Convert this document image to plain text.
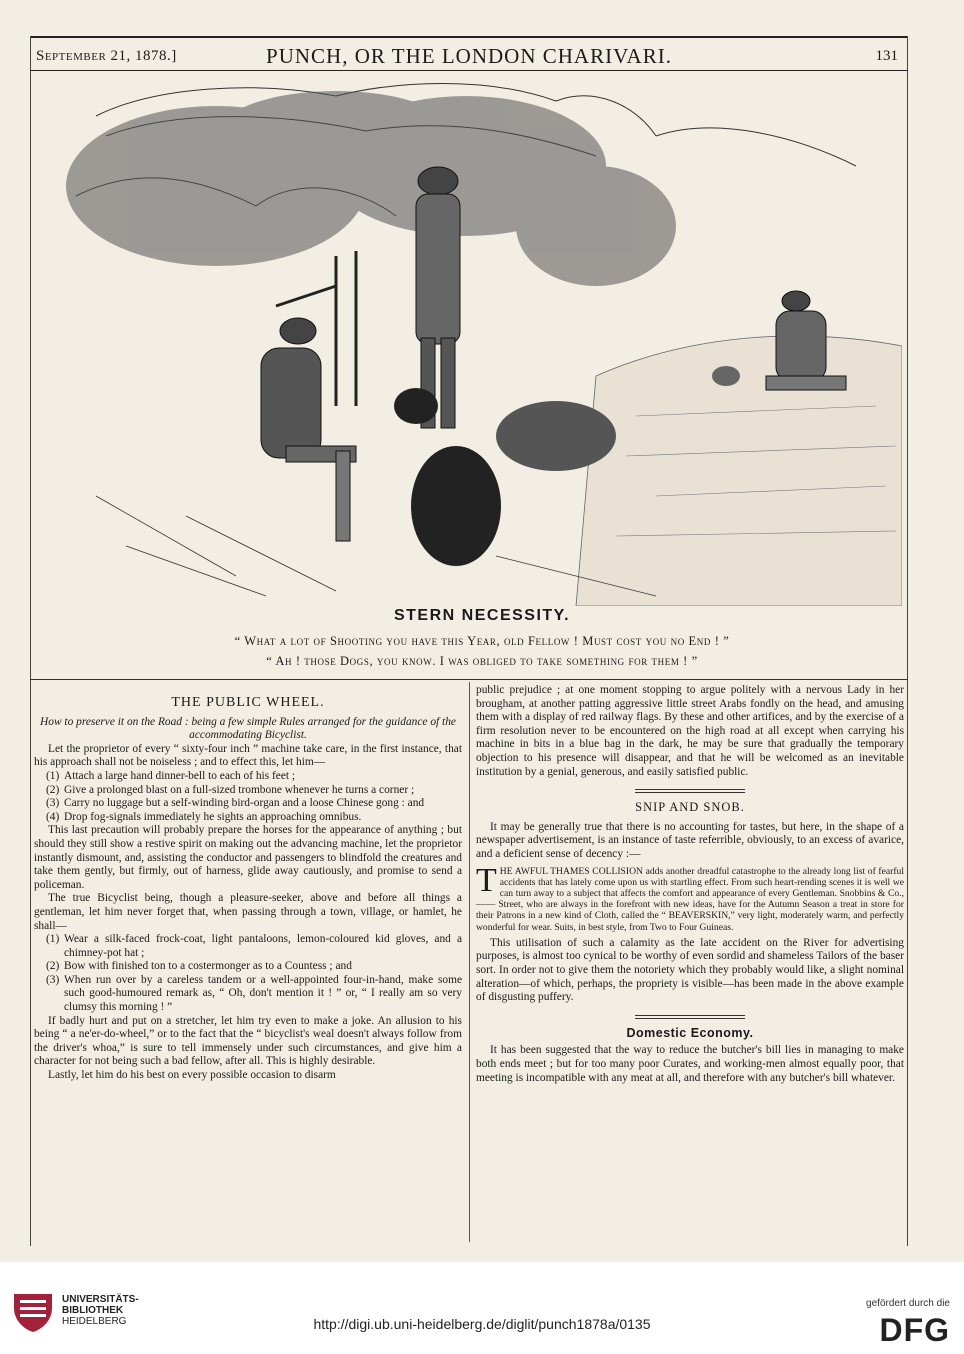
September 21, 1878.]	PUNCH, OR THE LONDON CHARIVARI.	131
STERN NECESSITY.
“ What a lot of Shooting you have this Year, old Fellow ! Must cost you no End ! ”
“ Ah ! those Dogs, you know. I was obliged to take something for them ! ”
THE PUBLIC WHEEL.

How to preserve it on the Road : being a few simple Rules arranged for the guidance of the accommodating Bicyclist.

Let the proprietor of every “ sixty-four inch ” machine take care, in the first instance, that his approach shall not be noiseless ; and to effect this, let him—

(1) Attach a large hand dinner-bell to each of his feet ;
(2) Give a prolonged blast on a full-sized trombone whenever he turns a corner ;
(3) Carry no luggage but a self-winding bird-organ and a loose Chinese gong : and
(4) Drop fog-signals immediately he sights an approaching omnibus.

This last precaution will probably prepare the horses for the appearance of anything ; but should they still show a restive spirit on making out the advancing machine, let the proprietor instantly dismount, and, assisting the conductor and passengers to blindfold the creatures and take them gently, but firmly, out of harness, glide away cautiously, and promise to send a policeman.

The true Bicyclist being, though a pleasure-seeker, above and before all things a gentleman, let him never forget that, when passing through a town, village, or hamlet, he shall—

(1) Wear a silk-faced frock-coat, light pantaloons, lemon-coloured kid gloves, and a chimney-pot hat ;
(2) Bow with finished ton to a costermonger as to a Countess ; and
(3) When run over by a careless tandem or a well-appointed four-in-hand, make some such good-humoured remark as, “ Oh, don't mention it ! ” or, “ I really am so very clumsy this morning ! ”

If badly hurt and put on a stretcher, let him try even to make a joke. An allusion to his being “ a ne'er-do-wheel,” or to the fact that the “ bicyclist's weal doesn't always follow from the driver's whoa,” is sure to tell immensely under such circumstances, and give him a character for not being such a bad fellow, after all. This is highly desirable.

Lastly, let him do his best on every possible occasion to disarm

public prejudice ; at one moment stopping to argue politely with a nervous Lady in her brougham, at another patting aggressive little street Arabs fondly on the head, and amusing them with a display of red railway flags. By these and other artifices, and by the exercise of a firm resolution never to be encountered on the high road at all except when carrying his machine in bits in a blue bag in the dark, he may be sure that gradually the temporary objection to his presence will disappear, and that he will be welcomed as an inevitable institution by a genial, generous, and easily satisfied public.

SNIP AND SNOB.

It may be generally true that there is no accounting for tastes, but here, in the shape of a newspaper advertisement, is an instance of taste referrible, obviously, to an excess of avarice, and a deficient sense of decency :—

T HE AWFUL THAMES COLLISION adds another dreadful catastrophe to the already long list of fearful accidents that has lately come upon us with startling effect. From such heart-rending scenes it is well we can turn away to a subject that affects the comfort and appearance of every Gentleman. Snobbins & Co., —— Street, who are always in the forefront with new ideas, have for the Autumn Season a treat in store for their Patrons in a new kind of Cloth, called the “ BEAVERSKIN,” very light, moderately warm, and perfectly wonderful for wear. Suits, in best style, from Two to Four Guineas.

This utilisation of such a calamity as the late accident on the River for advertising purposes, is almost too cynical to be worthy of even sordid and shameless Tailors of the baser sort. In order not to give them the notoriety which they probably would like, a slight nominal alteration—of which, perhaps, the propriety is visible—has been made in the above example of disgusting puffery.

Domestic Economy.

It has been suggested that the way to reduce the butcher's bill lies in managing to make both ends meet ; but for too many poor Curates, and working-men almost equally poor, that meeting is incompatible with any meat at all, and therefore with any butcher's bill whatever.

UNIVERSITÄTS-
BIBLIOTHEK
HEIDELBERG	http://digi.ub.uni-heidelberg.de/diglit/punch1878a/0135
gefördert durch die
DFG
